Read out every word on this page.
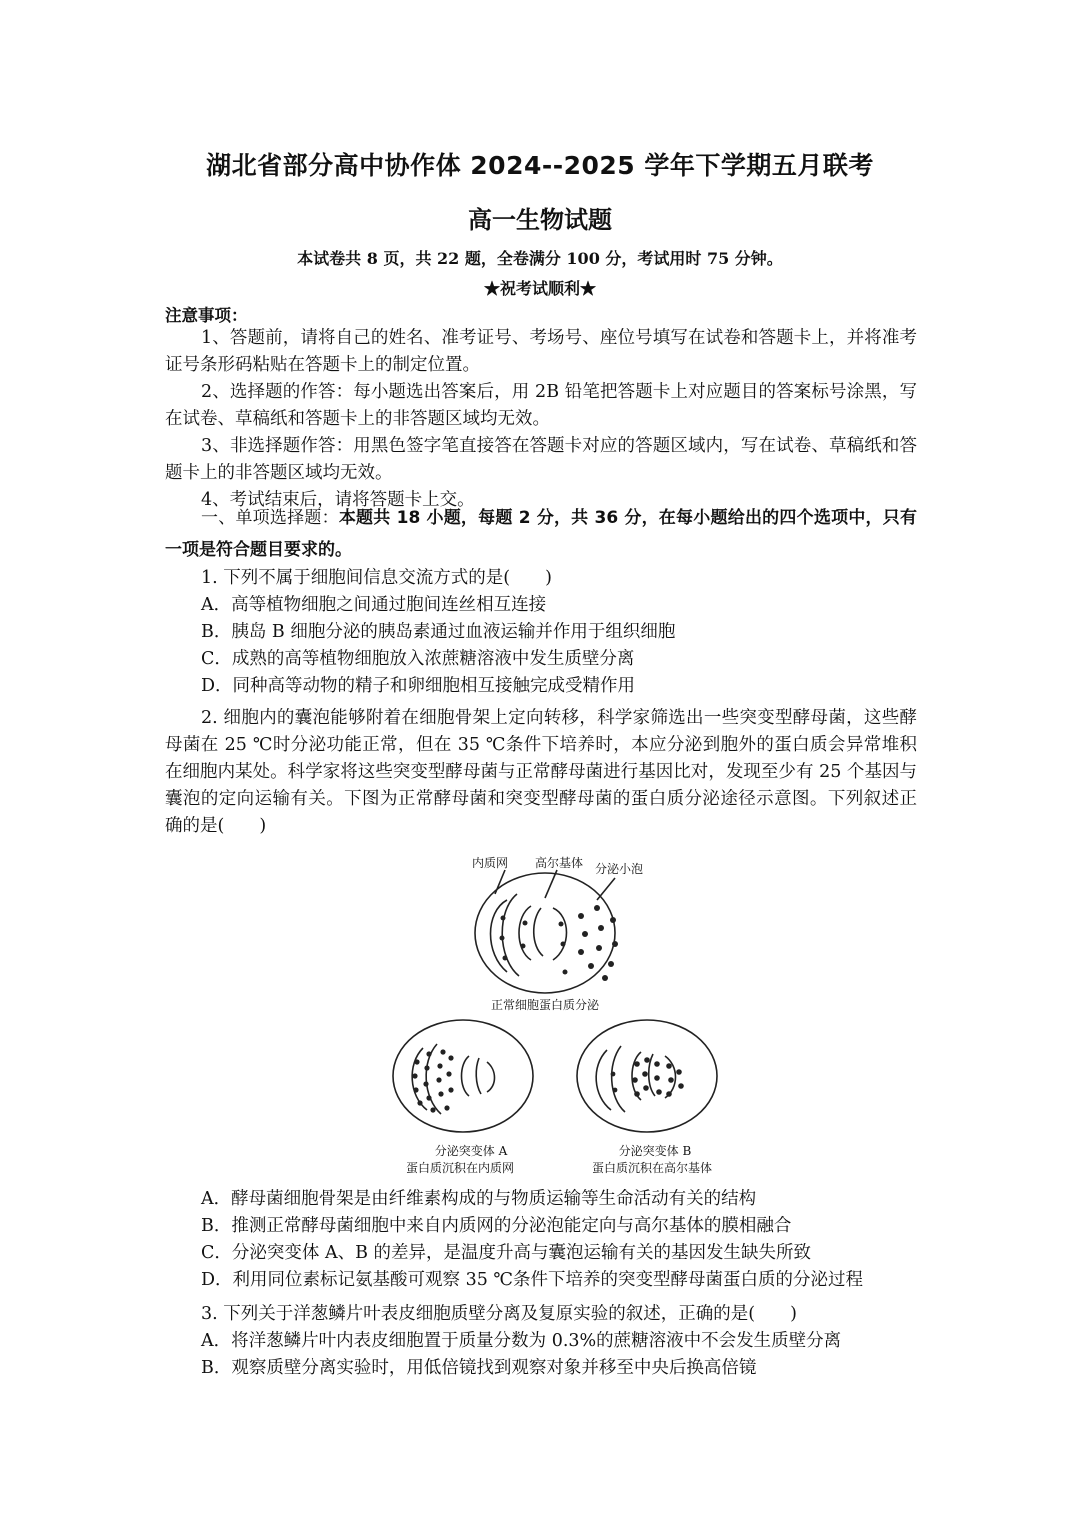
湖北省部分高中协作体 2024--2025 学年下学期五月联考
高一生物试题
本试卷共 8 页，共 22 题，全卷满分 100 分，考试用时 75 分钟。
★祝考试顺利★
注意事项：
1、答题前，请将自己的姓名、准考证号、考场号、座位号填写在试卷和答题卡上，并将准考证号条形码粘贴在答题卡上的制定位置。
2、选择题的作答：每小题选出答案后，用 2B 铅笔把答题卡上对应题目的答案标号涂黑，写在试卷、草稿纸和答题卡上的非答题区域均无效。
3、非选择题作答：用黑色签字笔直接答在答题卡对应的答题区域内，写在试卷、草稿纸和答题卡上的非答题区域均无效。
4、考试结束后，请将答题卡上交。
一、单项选择题：本题共 18 小题，每题 2 分，共 36 分，在每小题给出的四个选项中，只有一项是符合题目要求的。
1. 下列不属于细胞间信息交流方式的是(　　)
A．高等植物细胞之间通过胞间连丝相互连接
B．胰岛 B 细胞分泌的胰岛素通过血液运输并作用于组织细胞
C．成熟的高等植物细胞放入浓蔗糖溶液中发生质壁分离
D．同种高等动物的精子和卵细胞相互接触完成受精作用
2. 细胞内的囊泡能够附着在细胞骨架上定向转移，科学家筛选出一些突变型酵母菌，这些酵母菌在 25 ℃时分泌功能正常，但在 35 ℃条件下培养时，本应分泌到胞外的蛋白质会异常堆积在细胞内某处。科学家将这些突变型酵母菌与正常酵母菌进行基因比对，发现至少有 25 个基因与囊泡的定向运输有关。下图为正常酵母菌和突变型酵母菌的蛋白质分泌途径示意图。下列叙述正确的是(　　)
内质网 高尔基体 分泌小泡
正常细胞蛋白质分泌
分泌突变体 A
蛋白质沉积在内质网
分泌突变体 B
蛋白质沉积在高尔基体
A．酵母菌细胞骨架是由纤维素构成的与物质运输等生命活动有关的结构
B．推测正常酵母菌细胞中来自内质网的分泌泡能定向与高尔基体的膜相融合
C．分泌突变体 A、B 的差异，是温度升高与囊泡运输有关的基因发生缺失所致
D．利用同位素标记氨基酸可观察 35 ℃条件下培养的突变型酵母菌蛋白质的分泌过程
3. 下列关于洋葱鳞片叶表皮细胞质壁分离及复原实验的叙述，正确的是(　　)
A．将洋葱鳞片叶内表皮细胞置于质量分数为 0.3%的蔗糖溶液中不会发生质壁分离
B．观察质壁分离实验时，用低倍镜找到观察对象并移至中央后换高倍镜
